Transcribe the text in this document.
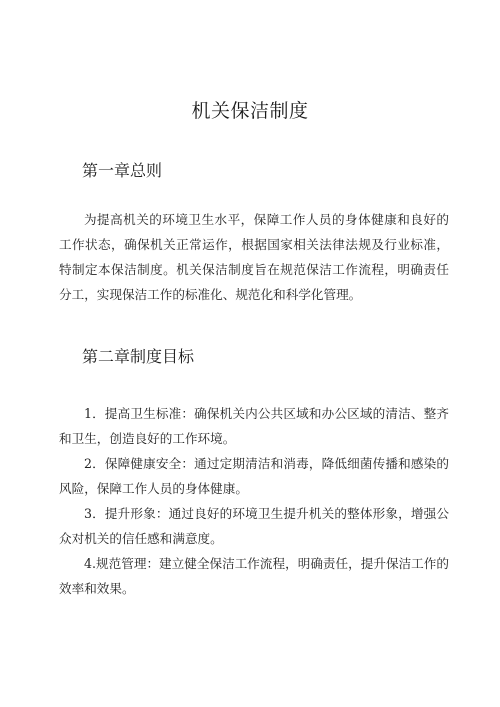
机关保洁制度
第一章总则

为提高机关的环境卫生水平，保障工作人员的身体健康和良好的工作状态，确保机关正常运作，根据国家相关法律法规及行业标准，特制定本保洁制度。机关保洁制度旨在规范保洁工作流程，明确责任分工，实现保洁工作的标准化、规范化和科学化管理。

第二章制度目标

1．提高卫生标准：确保机关内公共区域和办公区域的清洁、整齐和卫生，创造良好的工作环境。

2．保障健康安全：通过定期清洁和消毒，降低细菌传播和感染的风险，保障工作人员的身体健康。

3．提升形象：通过良好的环境卫生提升机关的整体形象，增强公众对机关的信任感和满意度。

4.规范管理：建立健全保洁工作流程，明确责任，提升保洁工作的效率和效果。
